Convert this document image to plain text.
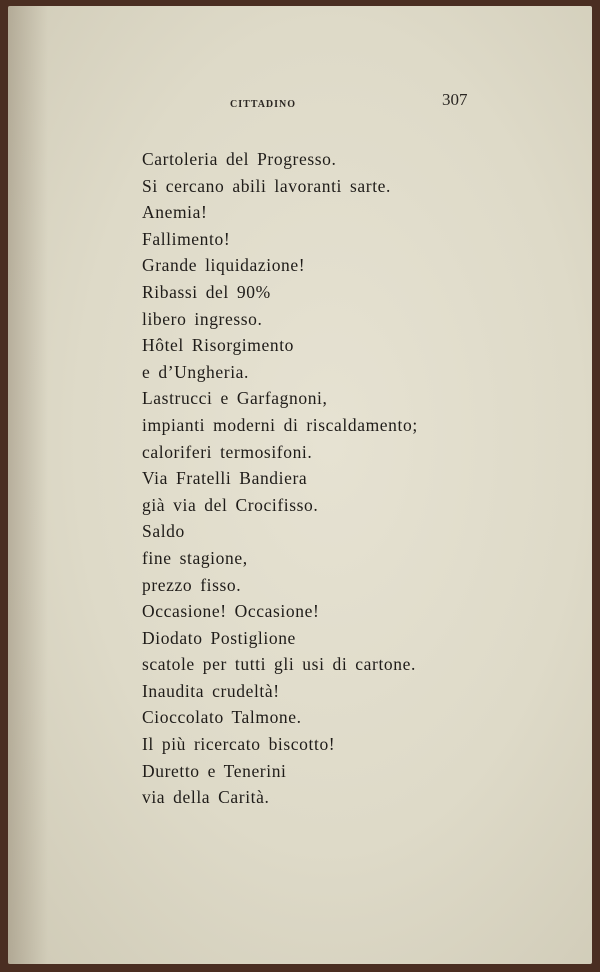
CITTADINO	307
Cartoleria del Progresso.
Si cercano abili lavoranti sarte.
Anemia!
Fallimento!
Grande liquidazione!
Ribassi del 90%
libero ingresso.
Hôtel Risorgimento
e d’Ungheria.
Lastrucci e Garfagnoni,
impianti moderni di riscaldamento;
caloriferi termosifoni.
Via Fratelli Bandiera
già via del Crocifisso.
Saldo
fine stagione,
prezzo fisso.
Occasione! Occasione!
Diodato Postiglione
scatole per tutti gli usi di cartone.
Inaudita crudeltà!
Cioccolato Talmone.
Il più ricercato biscotto!
Duretto e Tenerini
via della Carità.
